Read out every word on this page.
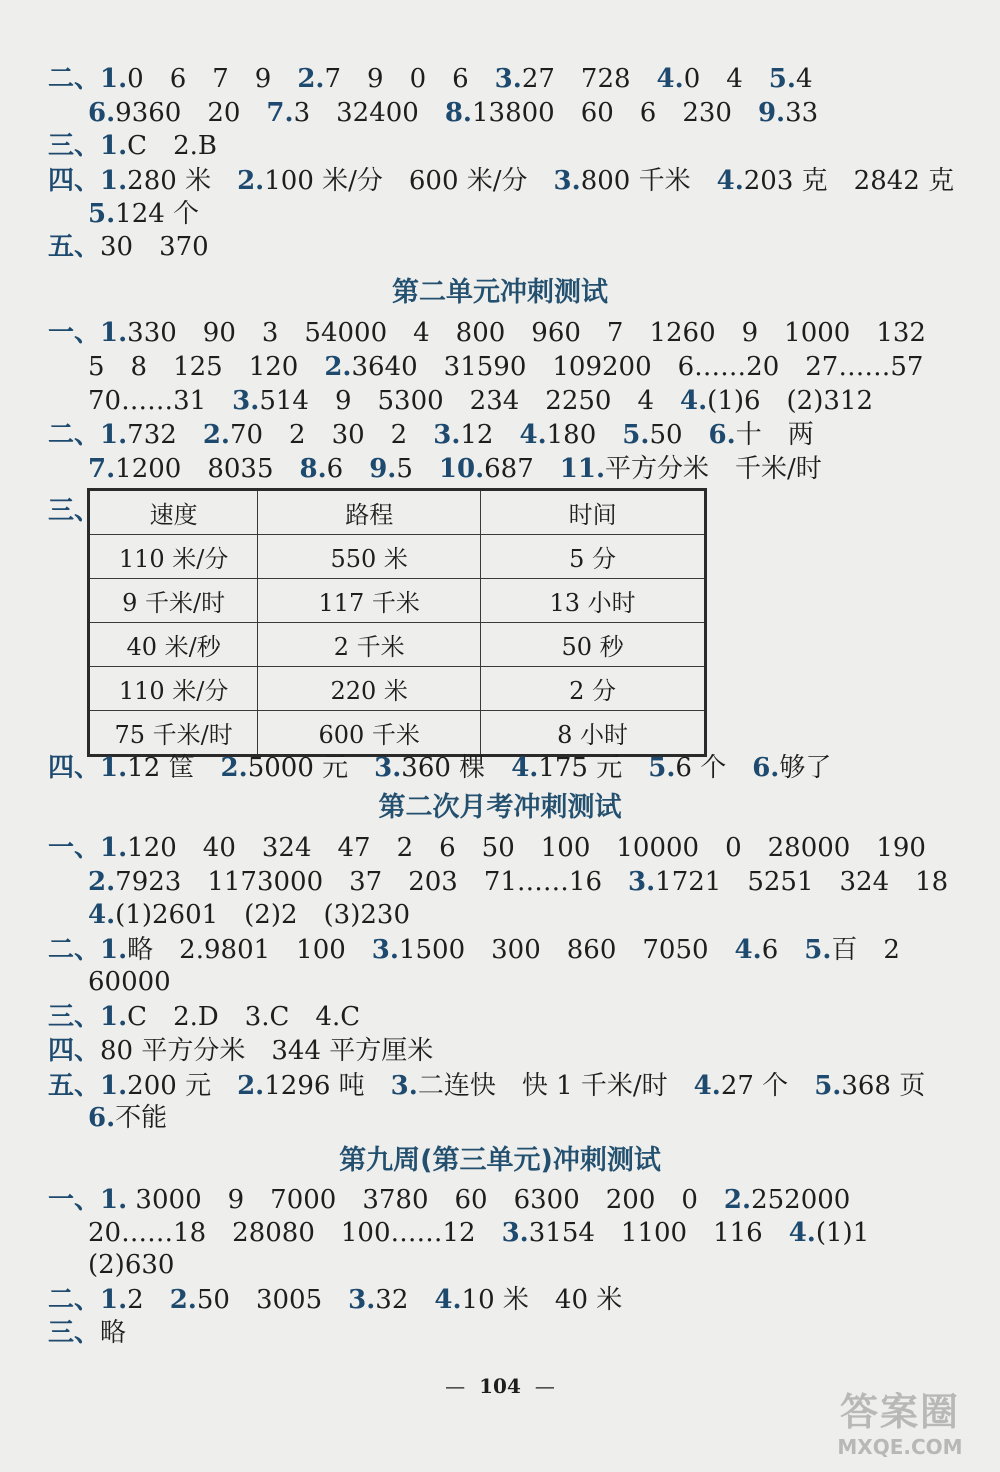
二、1.0　6　7　9　2.7　9　0　6　3.27　728　4.0　4　5.4
6.9360　20　7.3　32400　8.13800　60　6　230　9.33
三、1.C　2.B
四、1.280 米　2.100 米/分　600 米/分　3.800 千米　4.203 克　2842 克
5.124 个
五、30　370
第二单元冲刺测试
一、1.330　90　3　54000　4　800　960　7　1260　9　1000　132
5　8　125　120　2.3640　31590　109200　6……20　27……57
70……31　3.514　9　5300　234　2250　4　4.(1)6　(2)312
二、1.732　2.70　2　30　2　3.12　4.180　5.50　6.十　两
7.1200　8035　8.6　9.5　10.687　11.平方分米　千米/时
三、 速度	路程	时间
110 米/分	550 米	5 分
9 千米/时	117 千米	13 小时
40 米/秒	2 千米	50 秒
110 米/分	220 米	2 分
75 千米/时	600 千米	8 小时
四、1.12 筐　2.5000 元　3.360 棵　4.175 元　5.6 个　6.够了
第二次月考冲刺测试
一、1.120　40　324　47　2　6　50　100　10000　0　28000　190
2.7923　1173000　37　203　71……16　3.1721　5251　324　18
4.(1)2601　(2)2　(3)230
二、1.略　2.9801　100　3.1500　300　860　7050　4.6　5.百　2
60000
三、1.C　2.D　3.C　4.C
四、80 平方分米　344 平方厘米
五、1.200 元　2.1296 吨　3.二连快　快 1 千米/时　4.27 个　5.368 页
6.不能
第九周(第三单元)冲刺测试
一、1. 3000　9　7000　3780　60　6300　200　0　2.252000
20……18　28080　100……12　3.3154　1100　116　4.(1)1
(2)630
二、1.2　2.50　3005　3.32　4.10 米　40 米
三、略
— 104 —
答案圈
MXQE.COM
